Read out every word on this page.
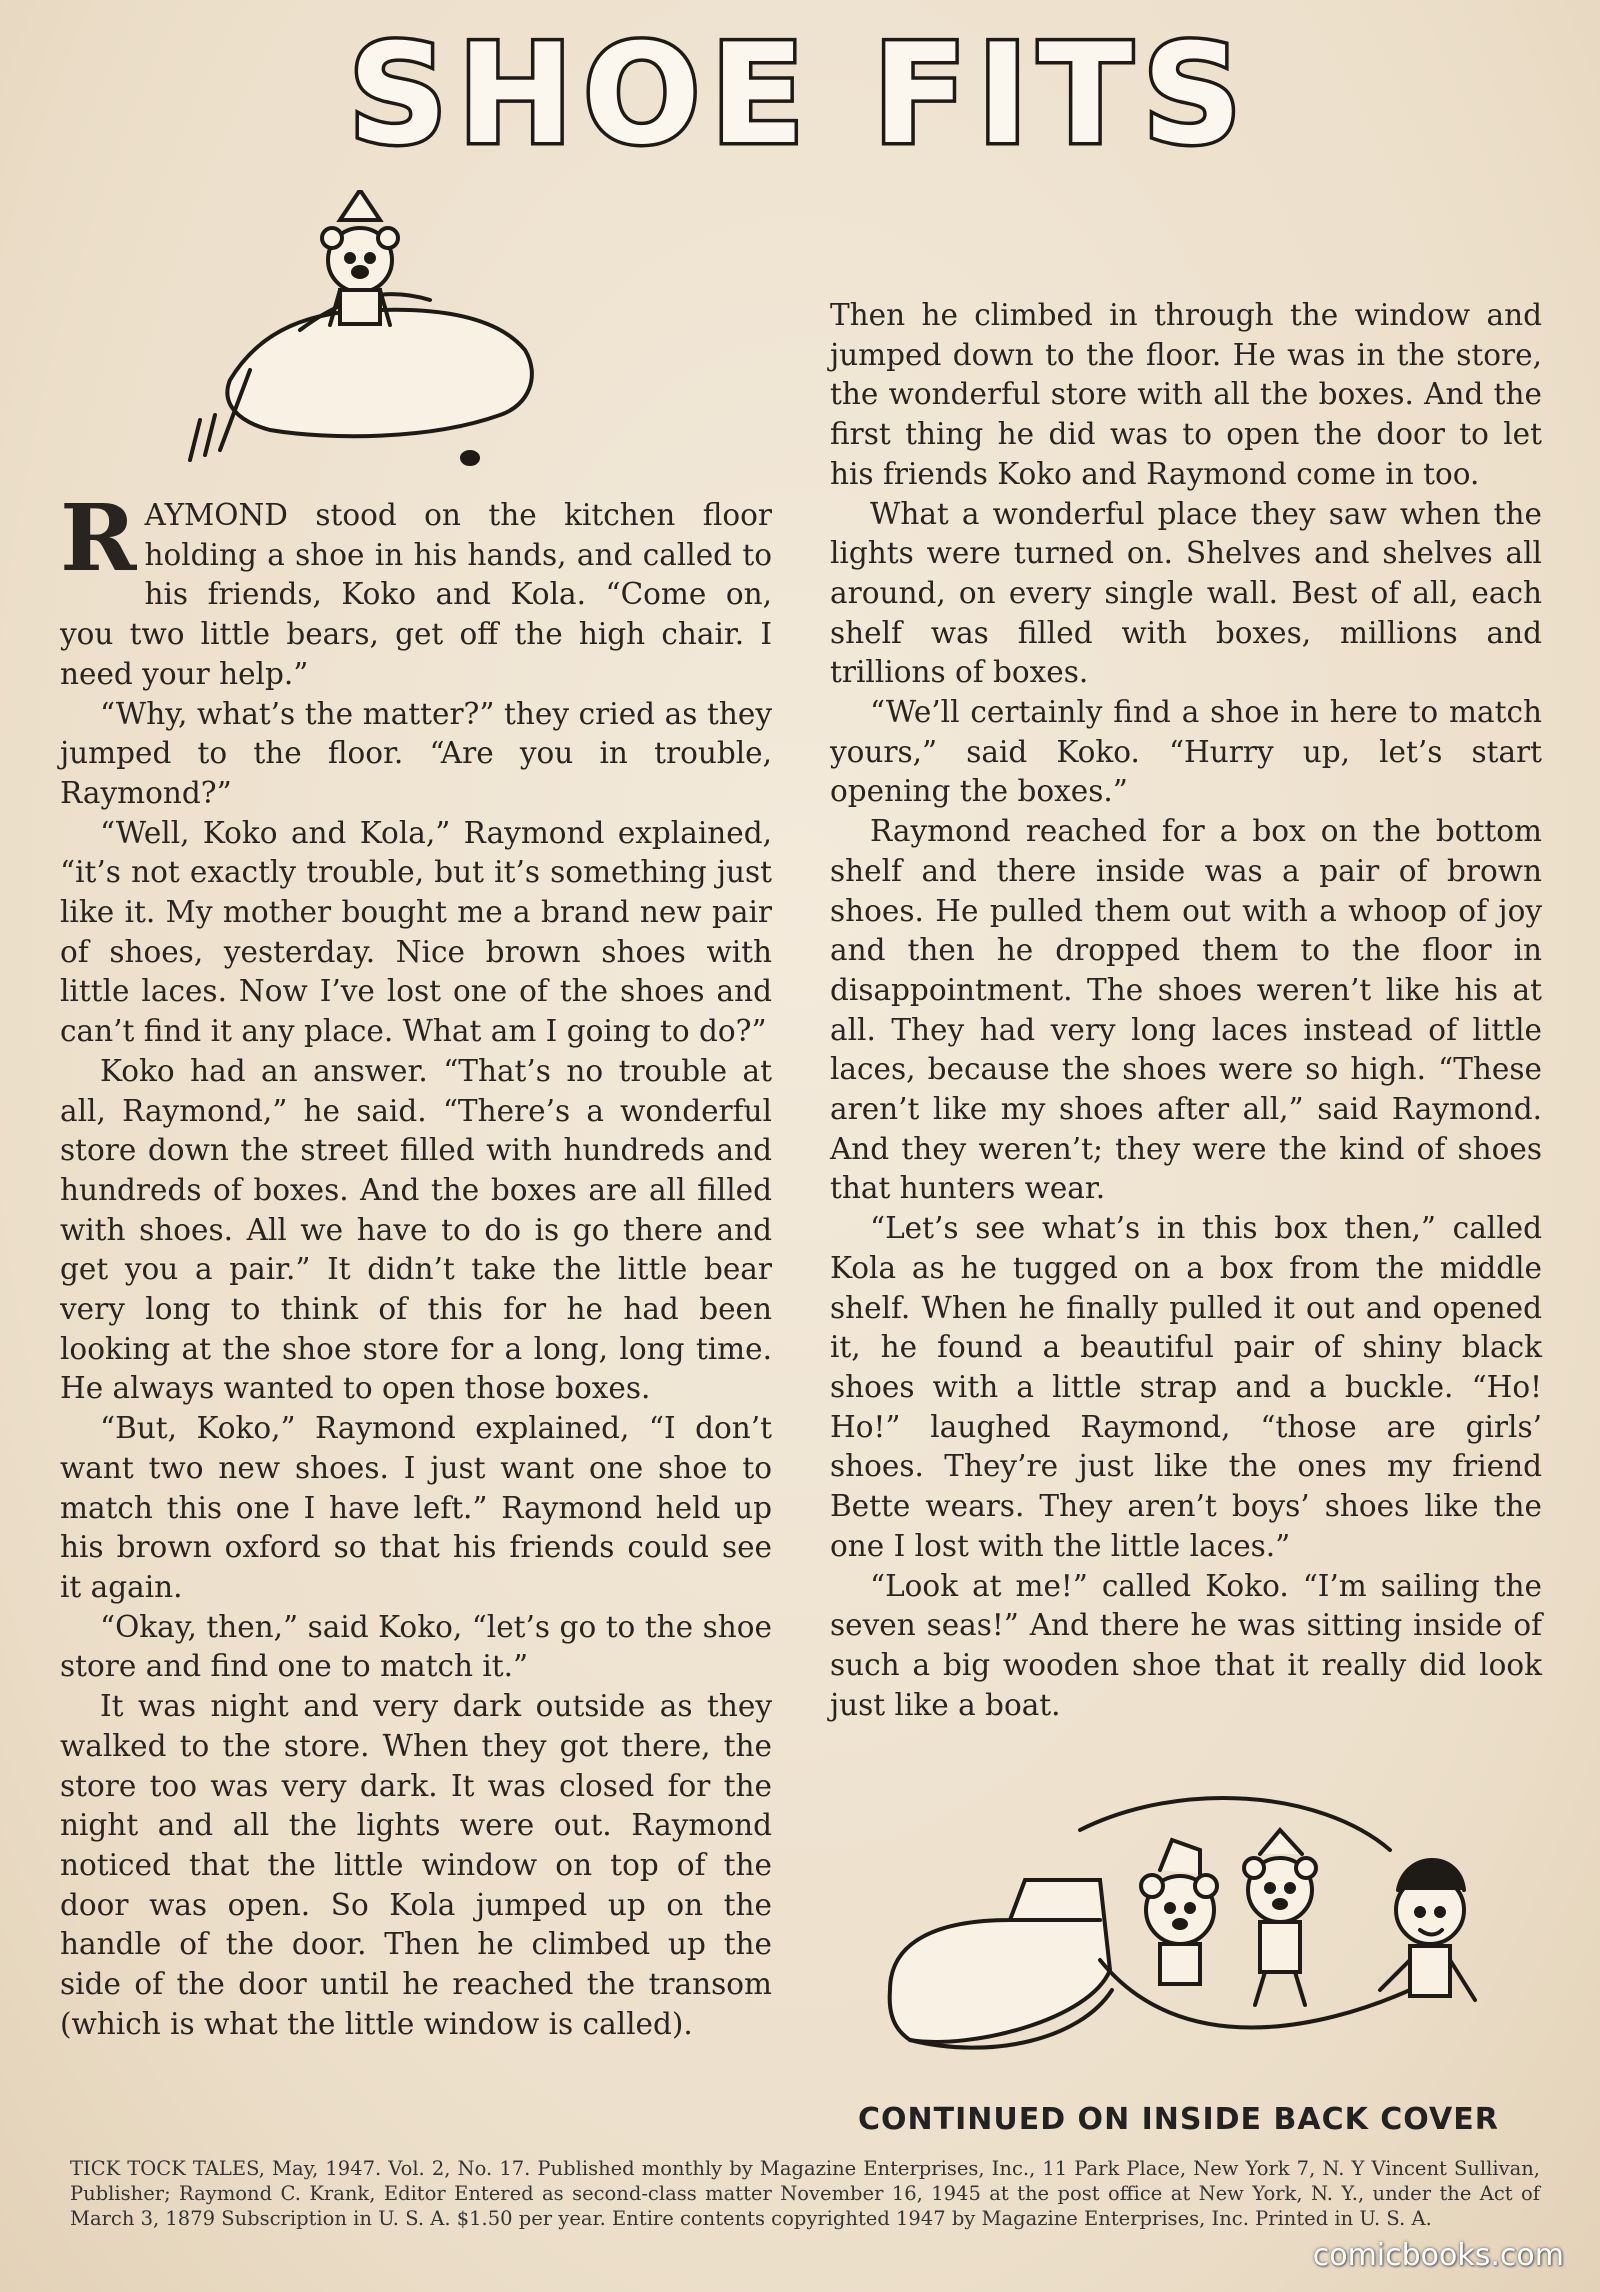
SHOE FITS

RAYMOND stood on the kitchen floor holding a shoe in his hands, and called to his friends, Koko and Kola. “Come on, you two little bears, get off the high chair. I need your help.”

“Why, what’s the matter?” they cried as they jumped to the floor. “Are you in trouble, Raymond?”

“Well, Koko and Kola,” Raymond explained, “it’s not exactly trouble, but it’s something just like it. My mother bought me a brand new pair of shoes, yesterday. Nice brown shoes with little laces. Now I’ve lost one of the shoes and can’t find it any place. What am I going to do?”

Koko had an answer. “That’s no trouble at all, Raymond,” he said. “There’s a wonderful store down the street filled with hundreds and hundreds of boxes. And the boxes are all filled with shoes. All we have to do is go there and get you a pair.” It didn’t take the little bear very long to think of this for he had been looking at the shoe store for a long, long time. He always wanted to open those boxes.

“But, Koko,” Raymond explained, “I don’t want two new shoes. I just want one shoe to match this one I have left.” Raymond held up his brown oxford so that his friends could see it again.

“Okay, then,” said Koko, “let’s go to the shoe store and find one to match it.”

It was night and very dark outside as they walked to the store. When they got there, the store too was very dark. It was closed for the night and all the lights were out. Raymond noticed that the little window on top of the door was open. So Kola jumped up on the handle of the door. Then he climbed up the side of the door until he reached the transom (which is what the little window is called).

Then he climbed in through the window and jumped down to the floor. He was in the store, the wonderful store with all the boxes. And the first thing he did was to open the door to let his friends Koko and Raymond come in too.

What a wonderful place they saw when the lights were turned on. Shelves and shelves all around, on every single wall. Best of all, each shelf was filled with boxes, millions and trillions of boxes.

“We’ll certainly find a shoe in here to match yours,” said Koko. “Hurry up, let’s start opening the boxes.”

Raymond reached for a box on the bottom shelf and there inside was a pair of brown shoes. He pulled them out with a whoop of joy and then he dropped them to the floor in disappointment. The shoes weren’t like his at all. They had very long laces instead of little laces, because the shoes were so high. “These aren’t like my shoes after all,” said Raymond. And they weren’t; they were the kind of shoes that hunters wear.

“Let’s see what’s in this box then,” called Kola as he tugged on a box from the middle shelf. When he finally pulled it out and opened it, he found a beautiful pair of shiny black shoes with a little strap and a buckle. “Ho! Ho!” laughed Raymond, “those are girls’ shoes. They’re just like the ones my friend Bette wears. They aren’t boys’ shoes like the one I lost with the little laces.”

“Look at me!” called Koko. “I’m sailing the seven seas!” And there he was sitting inside of such a big wooden shoe that it really did look just like a boat.

CONTINUED ON INSIDE BACK COVER
TICK TOCK TALES, May, 1947. Vol. 2, No. 17. Published monthly by Magazine Enterprises, Inc., 11 Park Place, New York 7, N. Y Vincent Sullivan, Publisher; Raymond C. Krank, Editor Entered as second-class matter November 16, 1945 at the post office at New York, N. Y., under the Act of March 3, 1879 Subscription in U. S. A. $1.50 per year. Entire contents copyrighted 1947 by Magazine Enterprises, Inc. Printed in U. S. A.
comicbooks.com
